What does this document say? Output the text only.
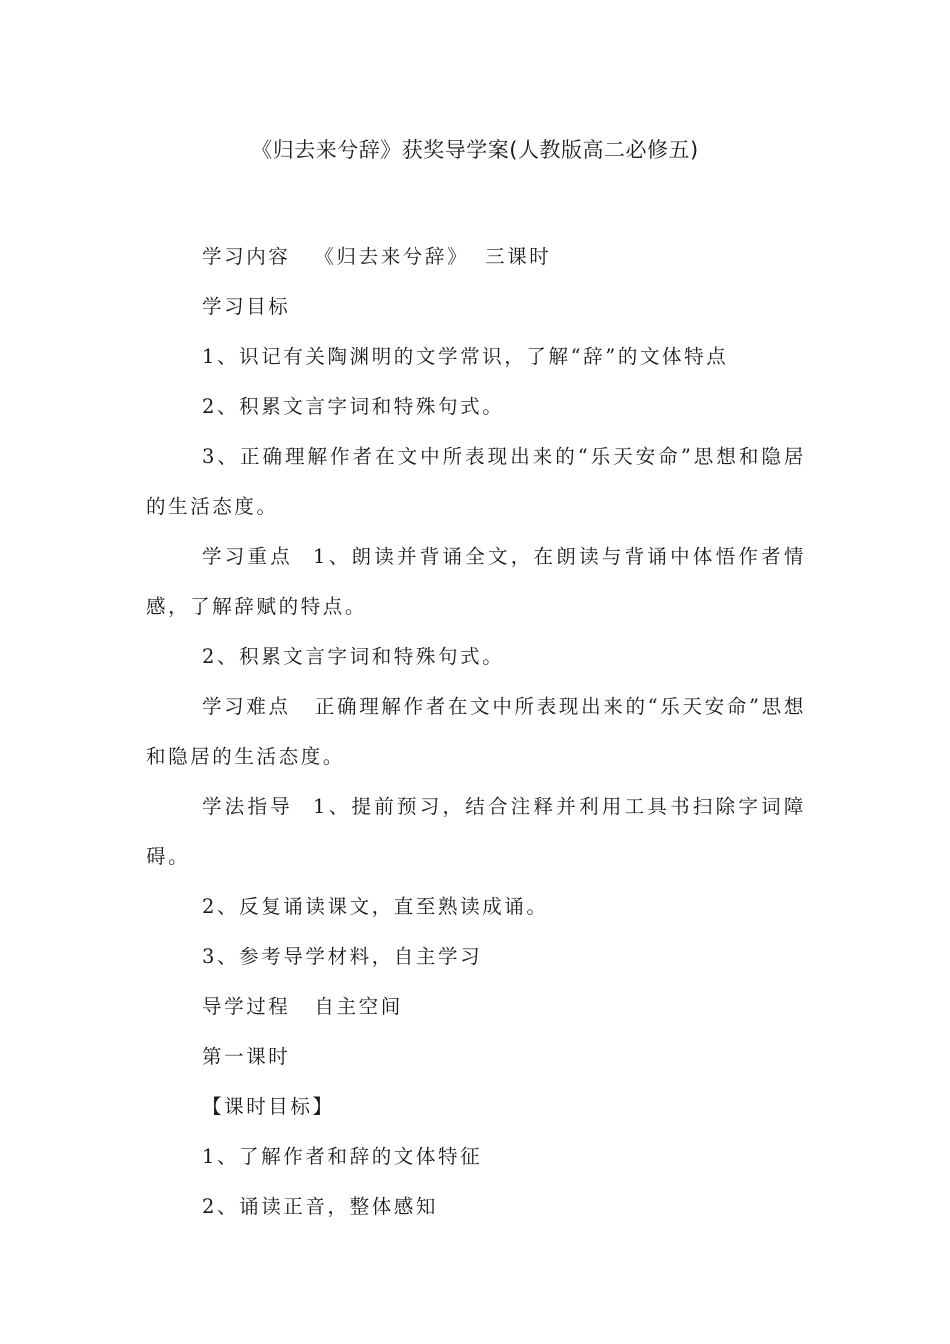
《归去来兮辞》获奖导学案(人教版高二必修五)

学习内容 《归去来兮辞》 三课时

学习目标

1、识记有关陶渊明的文学常识，了解“辞”的文体特点

2、积累文言字词和特殊句式。

3、正确理解作者在文中所表现出来的“乐天安命”思想和隐居的生活态度。

学习重点 1、朗读并背诵全文，在朗读与背诵中体悟作者情感，了解辞赋的特点。

2、积累文言字词和特殊句式。

学习难点 正确理解作者在文中所表现出来的“乐天安命”思想和隐居的生活态度。

学法指导 1、提前预习，结合注释并利用工具书扫除字词障碍。

2、反复诵读课文，直至熟读成诵。

3、参考导学材料，自主学习

导学过程 自主空间

第一课时

【课时目标】

1、了解作者和辞的文体特征

2、诵读正音，整体感知
